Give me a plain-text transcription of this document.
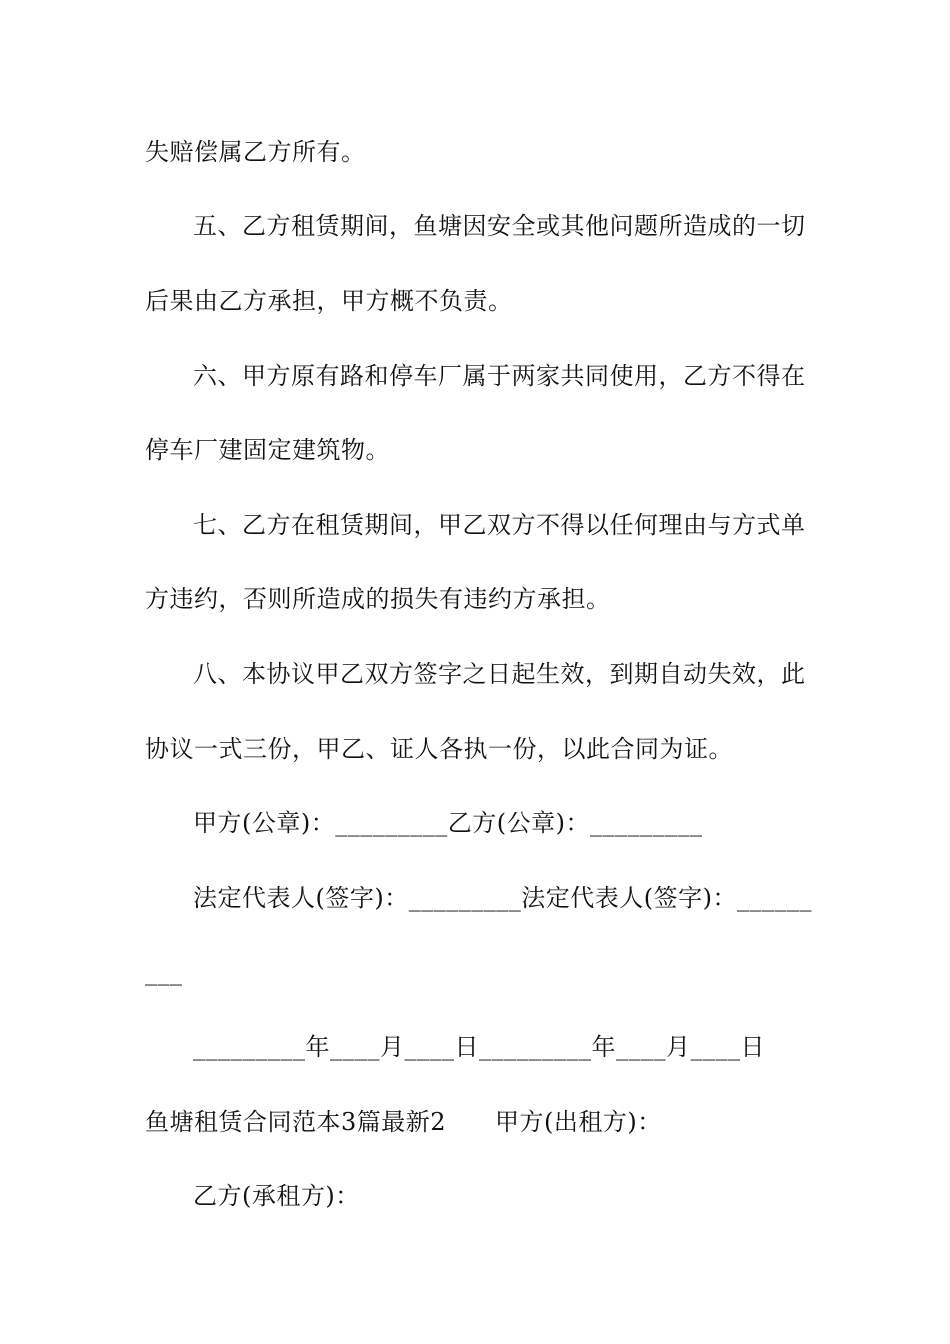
失赔偿属乙方所有。
五、乙方租赁期间，鱼塘因安全或其他问题所造成的一切
后果由乙方承担，甲方概不负责。
六、甲方原有路和停车厂属于两家共同使用，乙方不得在
停车厂建固定建筑物。
七、乙方在租赁期间，甲乙双方不得以任何理由与方式单
方违约，否则所造成的损失有违约方承担。
八、本协议甲乙双方签字之日起生效，到期自动失效，此
协议一式三份，甲乙、证人各执一份，以此合同为证。
甲方(公章)：_________乙方(公章)：_________
法定代表人(签字)：_________法定代表人(签字)：______
___
_________年____月____日_________年____月____日
鱼塘租赁合同范本3篇最新2　　甲方(出租方)：
乙方(承租方)：
